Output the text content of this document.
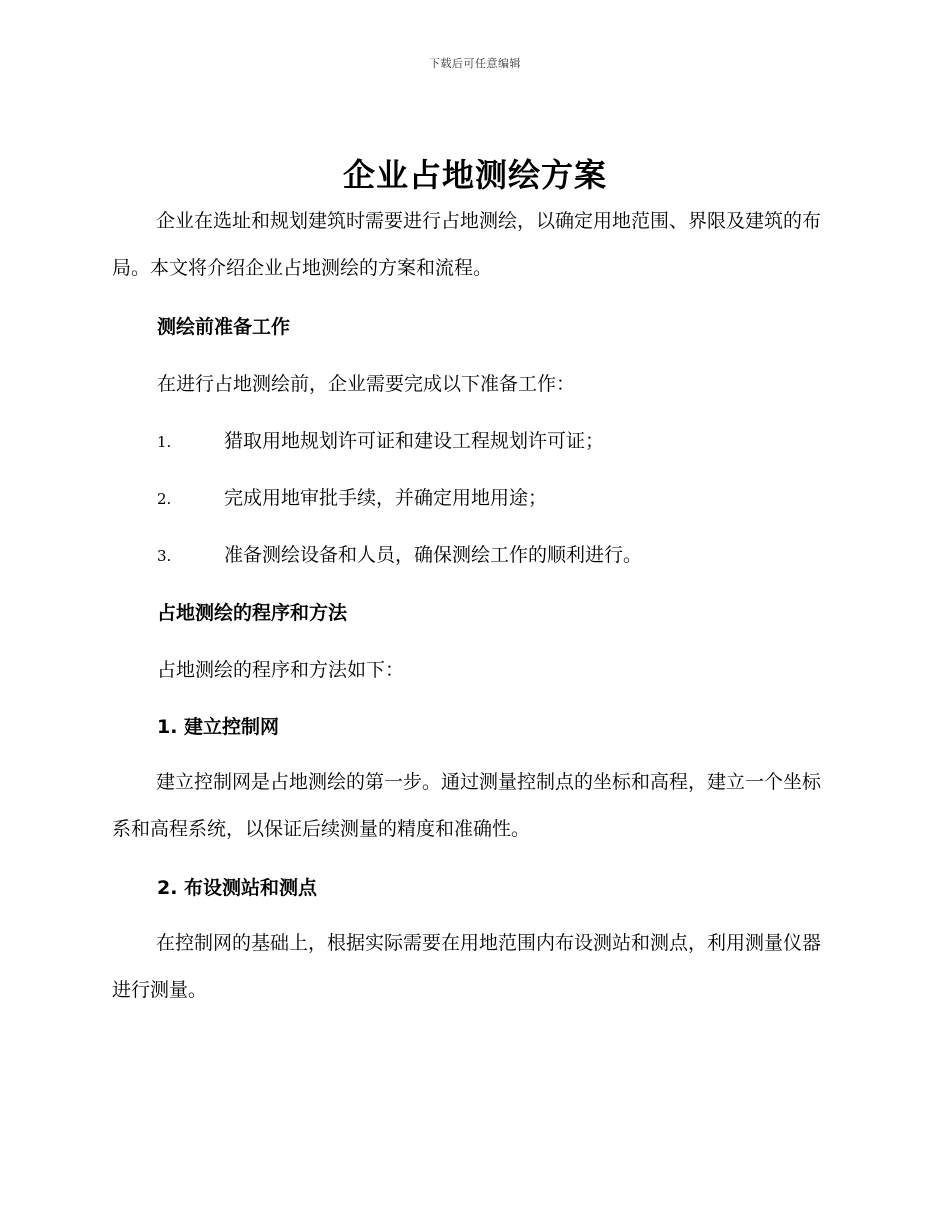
下载后可任意编辑
企业占地测绘方案
企业在选址和规划建筑时需要进行占地测绘，以确定用地范围、界限及建筑的布局。本文将介绍企业占地测绘的方案和流程。
测绘前准备工作
在进行占地测绘前，企业需要完成以下准备工作：
1.	猎取用地规划许可证和建设工程规划许可证；
2.	完成用地审批手续，并确定用地用途；
3.	准备测绘设备和人员，确保测绘工作的顺利进行。
占地测绘的程序和方法
占地测绘的程序和方法如下：
1. 建立控制网
建立控制网是占地测绘的第一步。通过测量控制点的坐标和高程，建立一个坐标系和高程系统，以保证后续测量的精度和准确性。
2. 布设测站和测点
在控制网的基础上，根据实际需要在用地范围内布设测站和测点，利用测量仪器进行测量。
